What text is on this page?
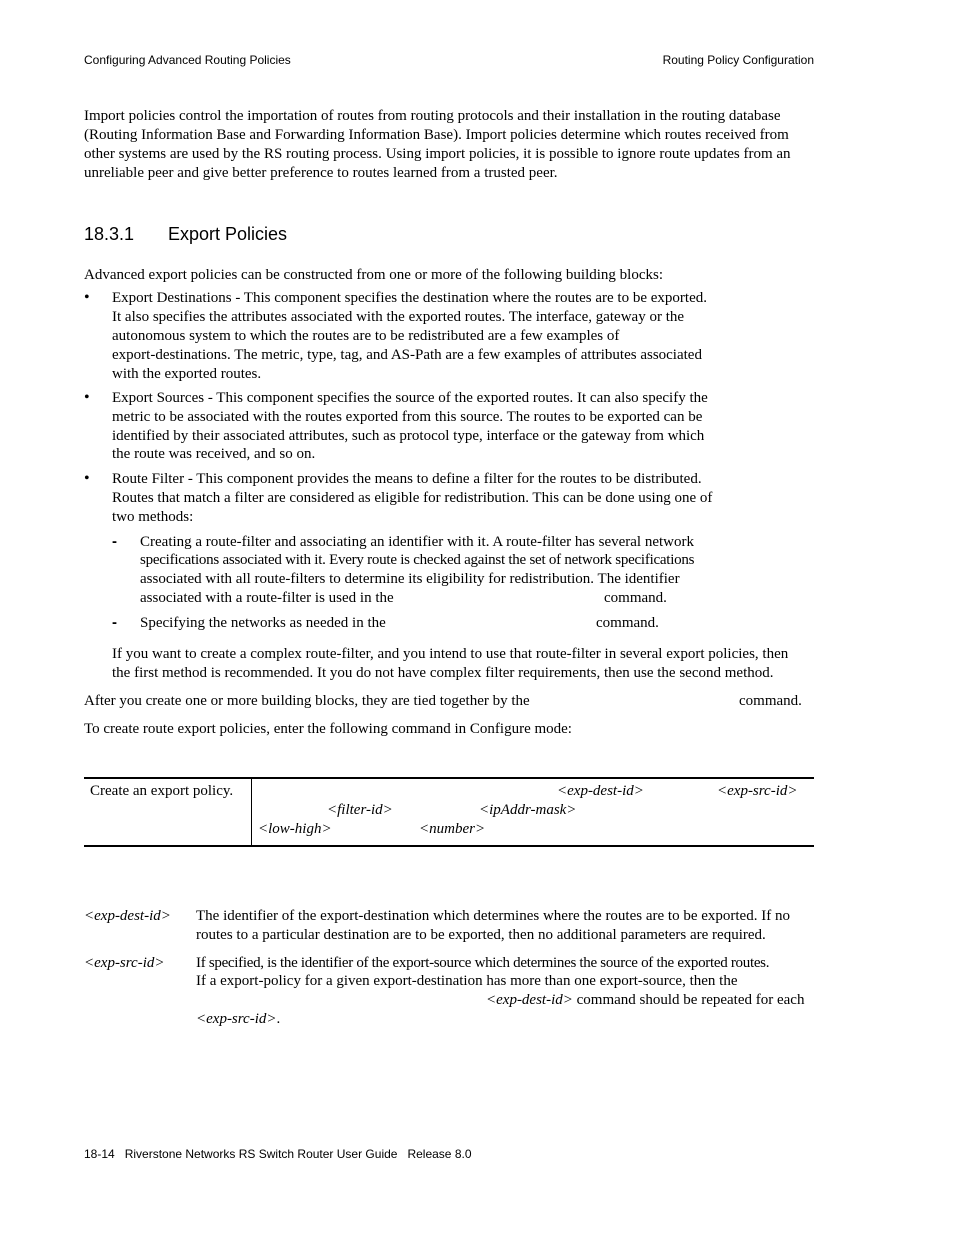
Configuring Advanced Routing Policies	Routing Policy Configuration
Import policies control the importation of routes from routing protocols and their installation in the routing database
(Routing Information Base and Forwarding Information Base). Import policies determine which routes received from
other systems are used by the RS routing process. Using import policies, it is possible to ignore route updates from an
unreliable peer and give better preference to routes learned from a trusted peer.
18.3.1 Export Policies
Advanced export policies can be constructed from one or more of the following building blocks:
• Export Destinations - This component specifies the destination where the routes are to be exported.
It also specifies the attributes associated with the exported routes. The interface, gateway or the
autonomous system to which the routes are to be redistributed are a few examples of
export-destinations. The metric, type, tag, and AS-Path are a few examples of attributes associated
with the exported routes.
• Export Sources - This component specifies the source of the exported routes. It can also specify the
metric to be associated with the routes exported from this source. The routes to be exported can be
identified by their associated attributes, such as protocol type, interface or the gateway from which
the route was received, and so on.
• Route Filter - This component provides the means to define a filter for the routes to be distributed.
Routes that match a filter are considered as eligible for redistribution. This can be done using one of
two methods:
- Creating a route-filter and associating an identifier with it. A route-filter has several network
specifications associated with it. Every route is checked against the set of network specifications
associated with all route-filters to determine its eligibility for redistribution. The identifier
associated with a route-filter is used in the	command.
- Specifying the networks as needed in the	command.
If you want to create a complex route-filter, and you intend to use that route-filter in several export policies, then
the first method is recommended. It you do not have complex filter requirements, then use the second method.
After you create one or more building blocks, they are tied together by the	command.
To create route export policies, enter the following command in Configure mode:
Create an export policy.	<exp-dest-id>	<exp-src-id>
<filter-id>	<ipAddr-mask>
<low-high>	<number>
<exp-dest-id> The identifier of the export-destination which determines where the routes are to be exported. If no
routes to a particular destination are to be exported, then no additional parameters are required.
<exp-src-id> If specified, is the identifier of the export-source which determines the source of the exported routes.
If a export-policy for a given export-destination has more than one export-source, then the
<exp-dest-id> command should be repeated for each
<exp-src-id>.
18-14   Riverstone Networks RS Switch Router User Guide   Release 8.0
